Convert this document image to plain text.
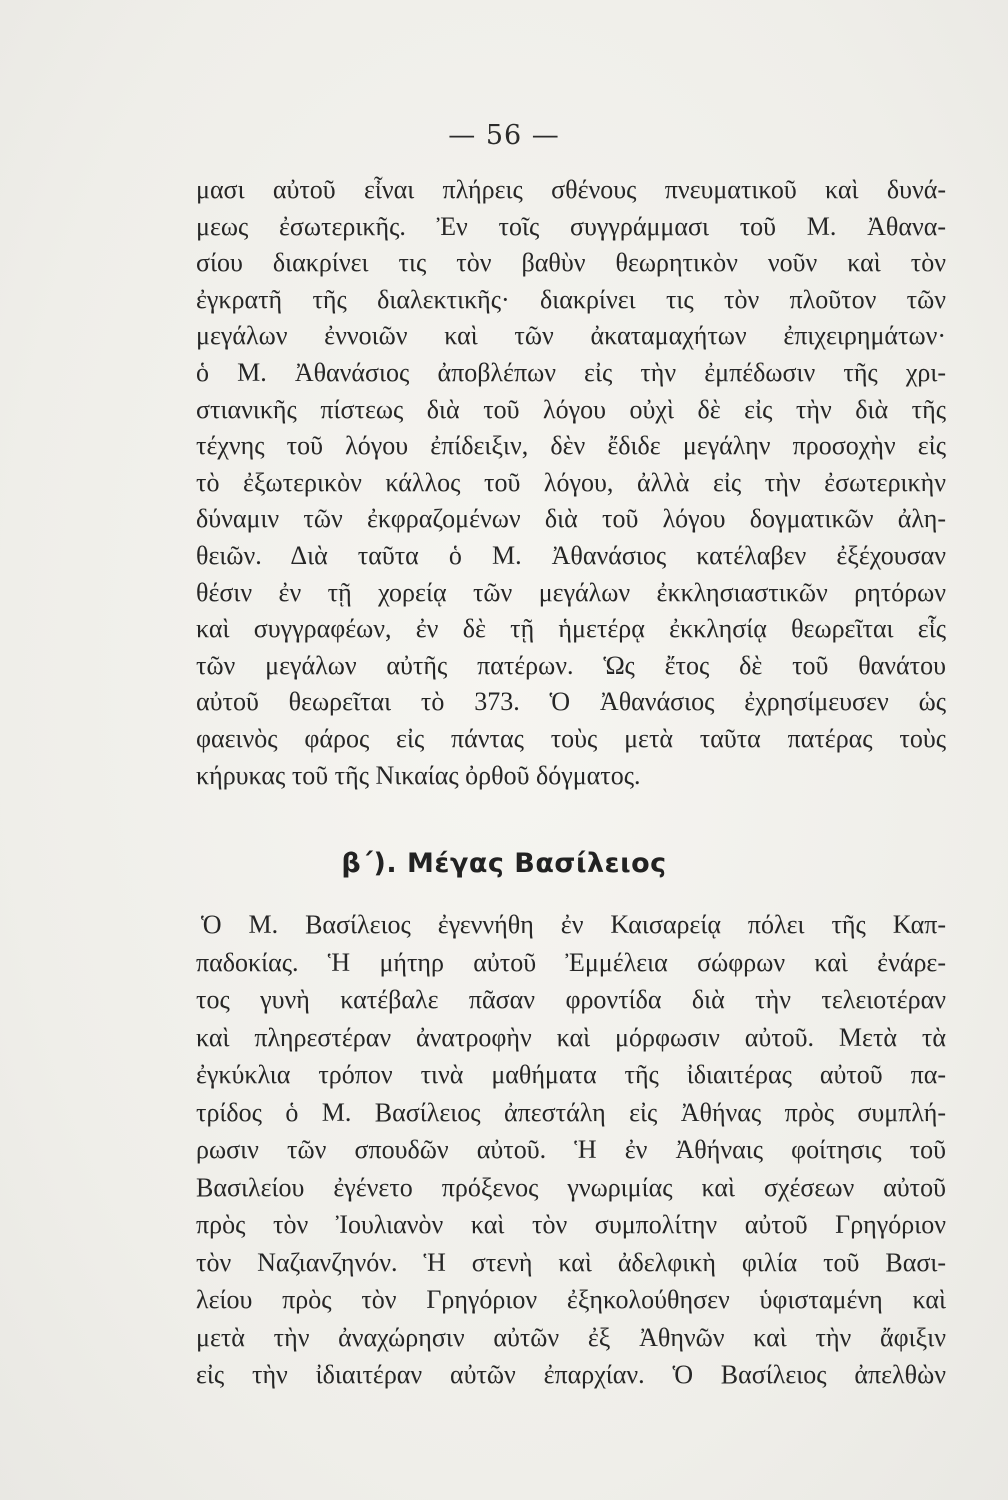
— 56 —
μασι αὐτοῦ εἶναι πλήρεις σθένους πνευματικοῦ καὶ δυνά-
μεως ἐσωτερικῆς. Ἐν τοῖς συγγράμμασι τοῦ Μ. Ἀθανα-
σίου διακρίνει τις τὸν βαθὺν θεωρητικὸν νοῦν καὶ τὸν
ἐγκρατῆ τῆς διαλεκτικῆς· διακρίνει τις τὸν πλοῦτον τῶν
μεγάλων ἐννοιῶν καὶ τῶν ἀκαταμαχήτων ἐπιχειρημάτων·
ὁ Μ. Ἀθανάσιος ἀποβλέπων εἰς τὴν ἐμπέδωσιν τῆς χρι-
στιανικῆς πίστεως διὰ τοῦ λόγου οὐχὶ δὲ εἰς τὴν διὰ τῆς
τέχνης τοῦ λόγου ἐπίδειξιν, δὲν ἔδιδε μεγάλην προσοχὴν εἰς
τὸ ἐξωτερικὸν κάλλος τοῦ λόγου, ἀλλὰ εἰς τὴν ἐσωτερικὴν
δύναμιν τῶν ἐκφραζομένων διὰ τοῦ λόγου δογματικῶν ἀλη-
θειῶν. Διὰ ταῦτα ὁ Μ. Ἀθανάσιος κατέλαβεν ἐξέχουσαν
θέσιν ἐν τῇ χορείᾳ τῶν μεγάλων ἐκκλησιαστικῶν ρητόρων
καὶ συγγραφέων, ἐν δὲ τῇ ἡμετέρᾳ ἐκκλησίᾳ θεωρεῖται εἷς
τῶν μεγάλων αὐτῆς πατέρων. Ὡς ἔτος δὲ τοῦ θανάτου
αὐτοῦ θεωρεῖται τὸ 373. Ὁ Ἀθανάσιος ἐχρησίμευσεν ὡς
φαεινὸς φάρος εἰς πάντας τοὺς μετὰ ταῦτα πατέρας τοὺς
κήρυκας τοῦ τῆς Νικαίας ὀρθοῦ δόγματος.
β΄). Μέγας Βασίλειος
Ὁ Μ. Βασίλειος ἐγεννήθη ἐν Καισαρείᾳ πόλει τῆς Καπ-
παδοκίας. Ἡ μήτηρ αὐτοῦ Ἐμμέλεια σώφρων καὶ ἐνάρε-
τος γυνὴ κατέβαλε πᾶσαν φροντίδα διὰ τὴν τελειοτέραν
καὶ πληρεστέραν ἀνατροφὴν καὶ μόρφωσιν αὐτοῦ. Μετὰ τὰ
ἐγκύκλια τρόπον τινὰ μαθήματα τῆς ἰδιαιτέρας αὐτοῦ πα-
τρίδος ὁ Μ. Βασίλειος ἀπεστάλη εἰς Ἀθήνας πρὸς συμπλή-
ρωσιν τῶν σπουδῶν αὐτοῦ. Ἡ ἐν Ἀθήναις φοίτησις τοῦ
Βασιλείου ἐγένετο πρόξενος γνωριμίας καὶ σχέσεων αὐτοῦ
πρὸς τὸν Ἰουλιανὸν καὶ τὸν συμπολίτην αὐτοῦ Γρηγόριον
τὸν Ναζιανζηνόν. Ἡ στενὴ καὶ ἀδελφικὴ φιλία τοῦ Βασι-
λείου πρὸς τὸν Γρηγόριον ἐξηκολούθησεν ὑφισταμένη καὶ
μετὰ τὴν ἀναχώρησιν αὐτῶν ἐξ Ἀθηνῶν καὶ τὴν ἄφιξιν
εἰς τὴν ἰδιαιτέραν αὐτῶν ἐπαρχίαν. Ὁ Βασίλειος ἀπελθὼν
